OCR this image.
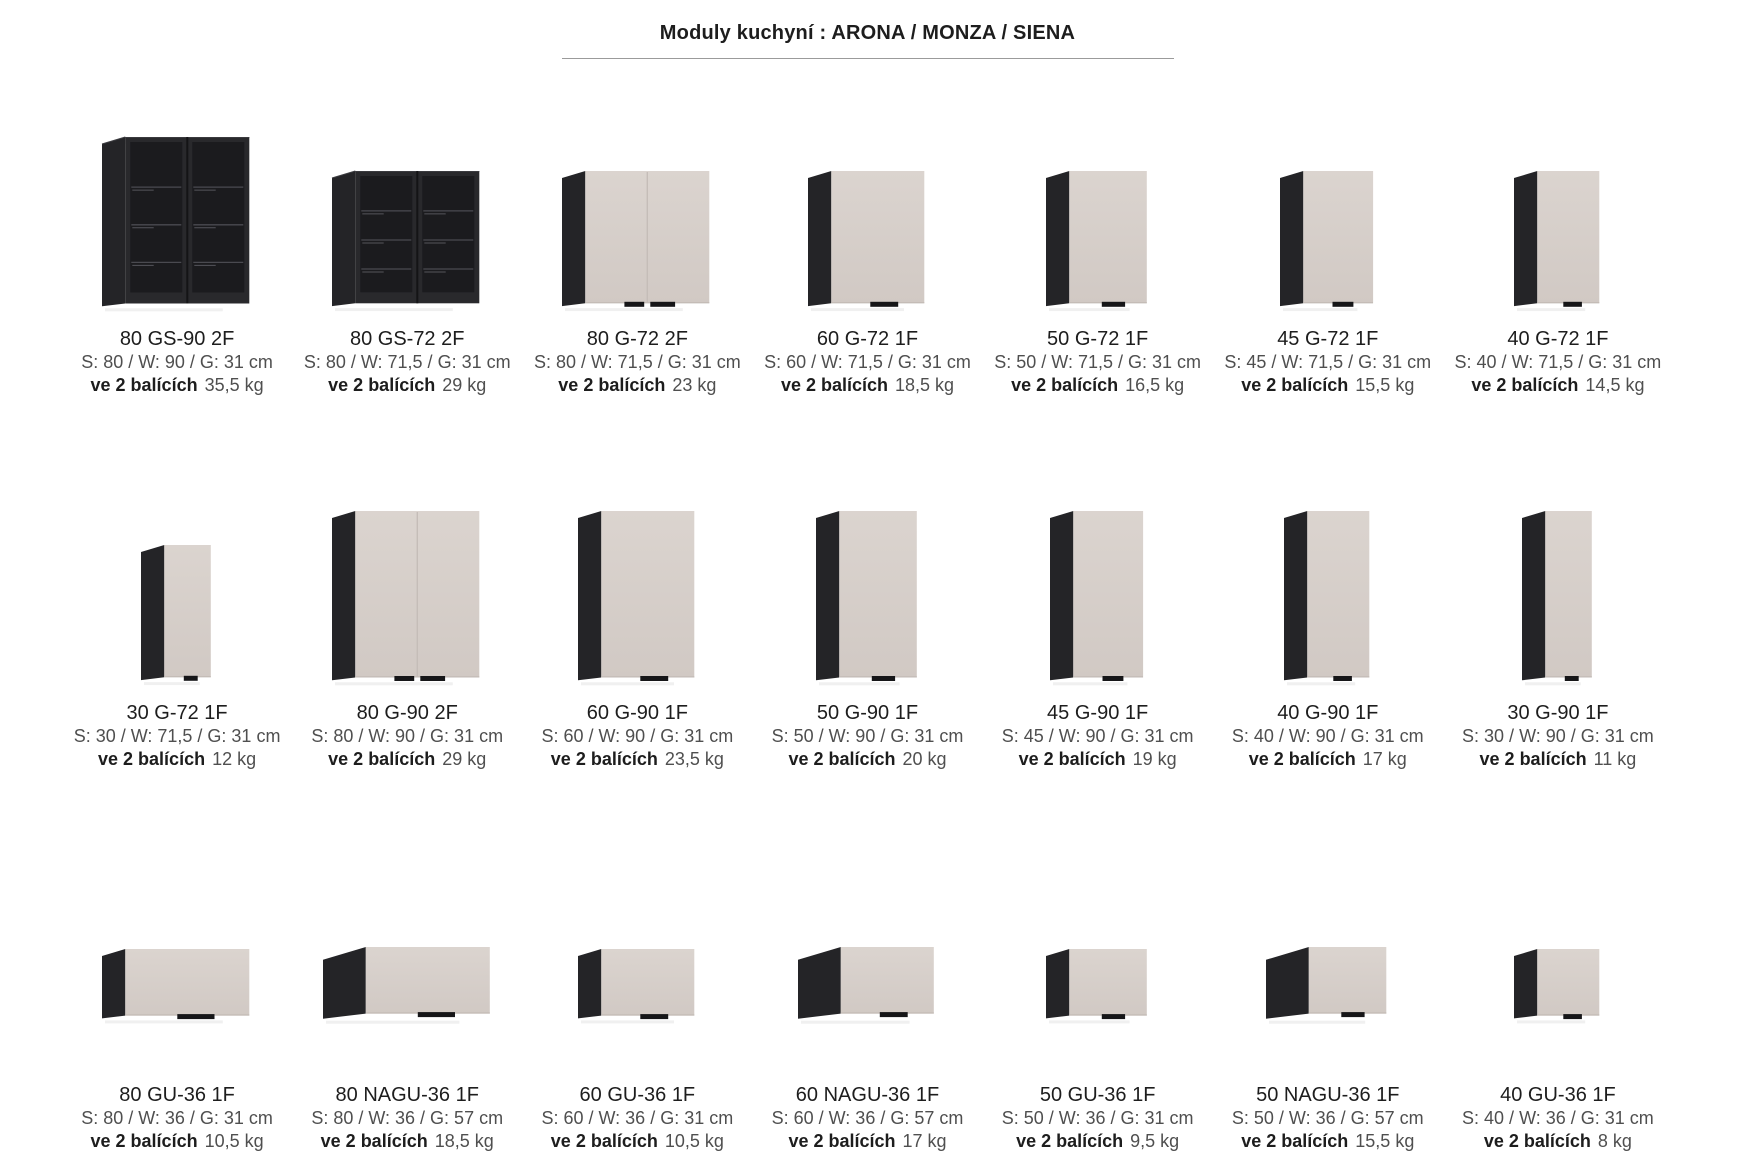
Moduly kuchyní : ARONA / MONZA / SIENA
80 GS-90 2F
S: 80 / W: 90 / G: 31 cm
ve 2 balících 35,5 kg
80 GS-72 2F
S: 80 / W: 71,5 / G: 31 cm
ve 2 balících 29 kg
80 G-72 2F
S: 80 / W: 71,5 / G: 31 cm
ve 2 balících 23 kg
60 G-72 1F
S: 60 / W: 71,5 / G: 31 cm
ve 2 balících 18,5 kg
50 G-72 1F
S: 50 / W: 71,5 / G: 31 cm
ve 2 balících 16,5 kg
45 G-72 1F
S: 45 / W: 71,5 / G: 31 cm
ve 2 balících 15,5 kg
40 G-72 1F
S: 40 / W: 71,5 / G: 31 cm
ve 2 balících 14,5 kg
30 G-72 1F
S: 30 / W: 71,5 / G: 31 cm
ve 2 balících 12 kg
80 G-90 2F
S: 80 / W: 90 / G: 31 cm
ve 2 balících 29 kg
60 G-90 1F
S: 60 / W: 90 / G: 31 cm
ve 2 balících 23,5 kg
50 G-90 1F
S: 50 / W: 90 / G: 31 cm
ve 2 balících 20 kg
45 G-90 1F
S: 45 / W: 90 / G: 31 cm
ve 2 balících 19 kg
40 G-90 1F
S: 40 / W: 90 / G: 31 cm
ve 2 balících 17 kg
30 G-90 1F
S: 30 / W: 90 / G: 31 cm
ve 2 balících 11 kg
80 GU-36 1F
S: 80 / W: 36 / G: 31 cm
ve 2 balících 10,5 kg
80 NAGU-36 1F
S: 80 / W: 36 / G: 57 cm
ve 2 balících 18,5 kg
60 GU-36 1F
S: 60 / W: 36 / G: 31 cm
ve 2 balících 10,5 kg
60 NAGU-36 1F
S: 60 / W: 36 / G: 57 cm
ve 2 balících 17 kg
50 GU-36 1F
S: 50 / W: 36 / G: 31 cm
ve 2 balících 9,5 kg
50 NAGU-36 1F
S: 50 / W: 36 / G: 57 cm
ve 2 balících 15,5 kg
40 GU-36 1F
S: 40 / W: 36 / G: 31 cm
ve 2 balících 8 kg
